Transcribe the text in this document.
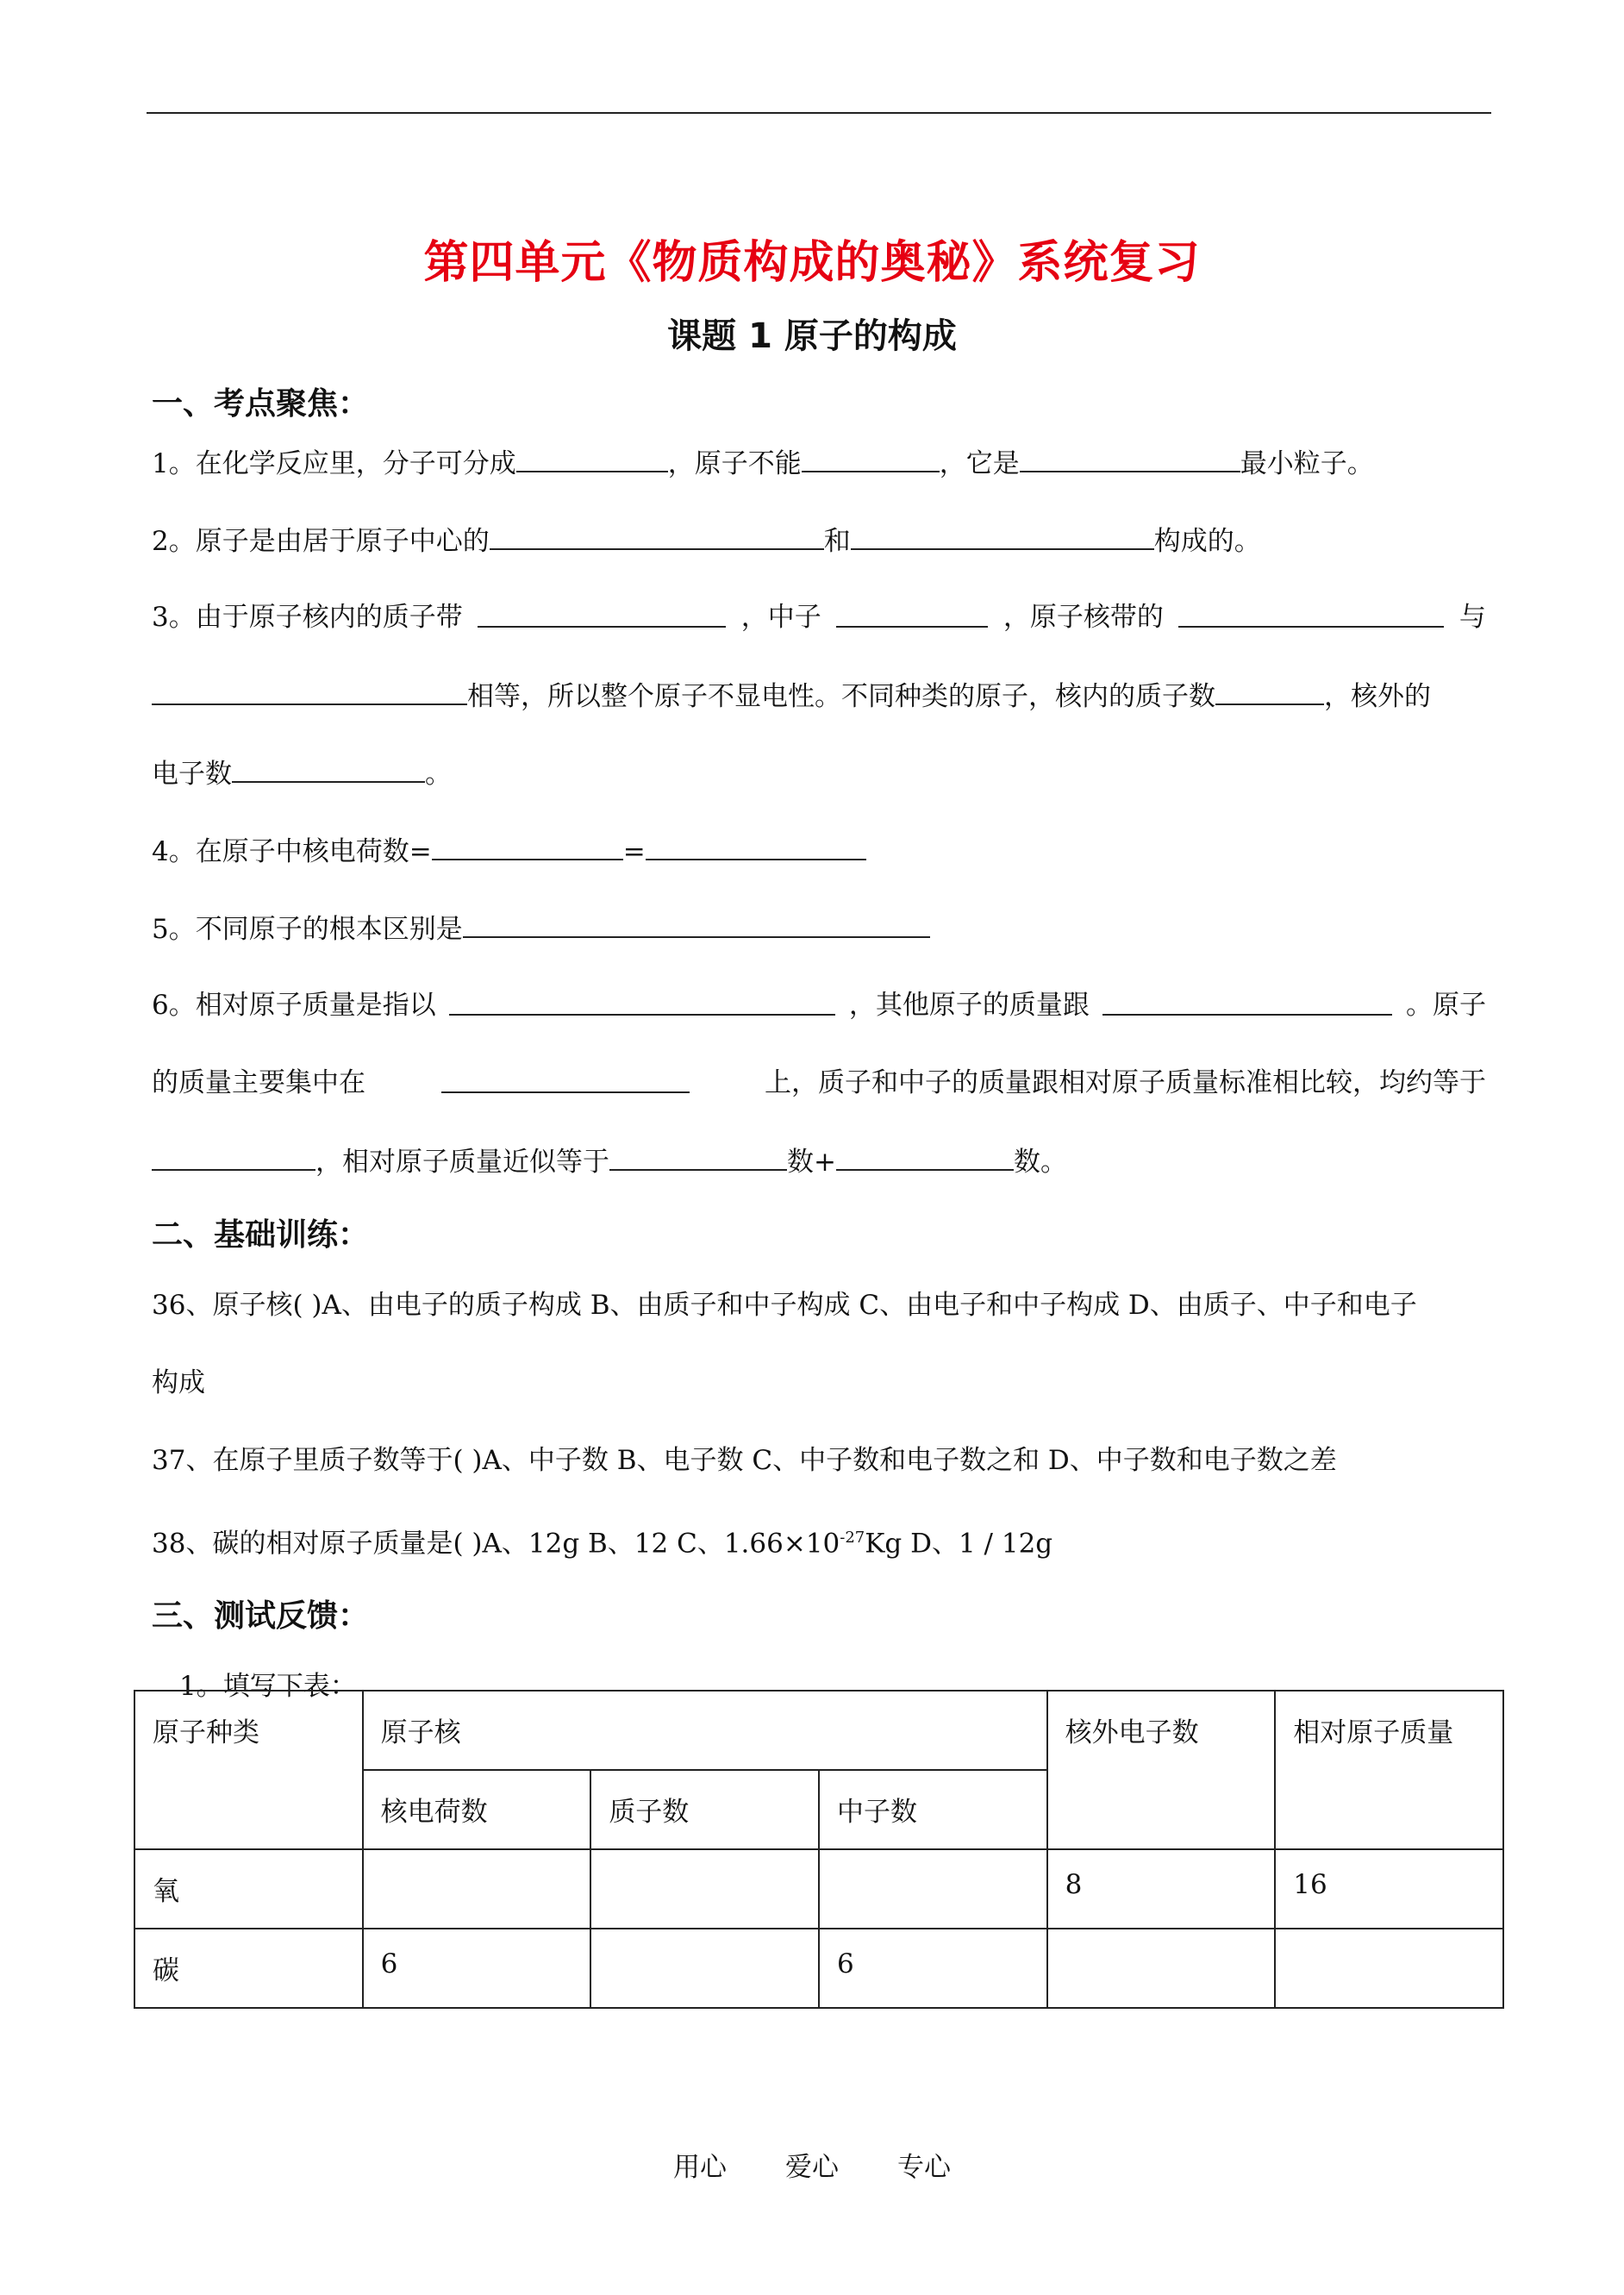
第四单元《物质构成的奥秘》系统复习
课题 1 原子的构成
一、考点聚焦：
1。在化学反应里，分子可分成	，原子不能	，它是	最小粒子。
2。原子是由居于原子中心的	和	构成的。
3。由于原子核内的质子带	，中子	，原子核带的	与
相等，所以整个原子不显电性。不同种类的原子，核内的质子数	，核外的
电子数	。
4。在原子中核电荷数=	=
5。不同原子的根本区别是
6。相对原子质量是指以	，其他原子的质量跟	。原子
的质量主要集中在	上，质子和中子的质量跟相对原子质量标准相比较，均约等于
，相对原子质量近似等于	数+	数。
二、基础训练：
36、原子核( )A、由电子的质子构成 B、由质子和中子构成 C、由电子和中子构成 D、由质子、中子和电子
构成
37、在原子里质子数等于( )A、中子数 B、电子数 C、中子数和电子数之和 D、中子数和电子数之差
38、碳的相对原子质量是( )A、12g B、12 C、$1.66\times 10^{-27}Kg$ D、1 / 12g
三、测试反馈：
1。填写下表：
原子种类	原子核			核外电子数	相对原子质量
	核电荷数	质子数	中子数		
氧				8	16
碳	6		6		
用心 爱心 专心
